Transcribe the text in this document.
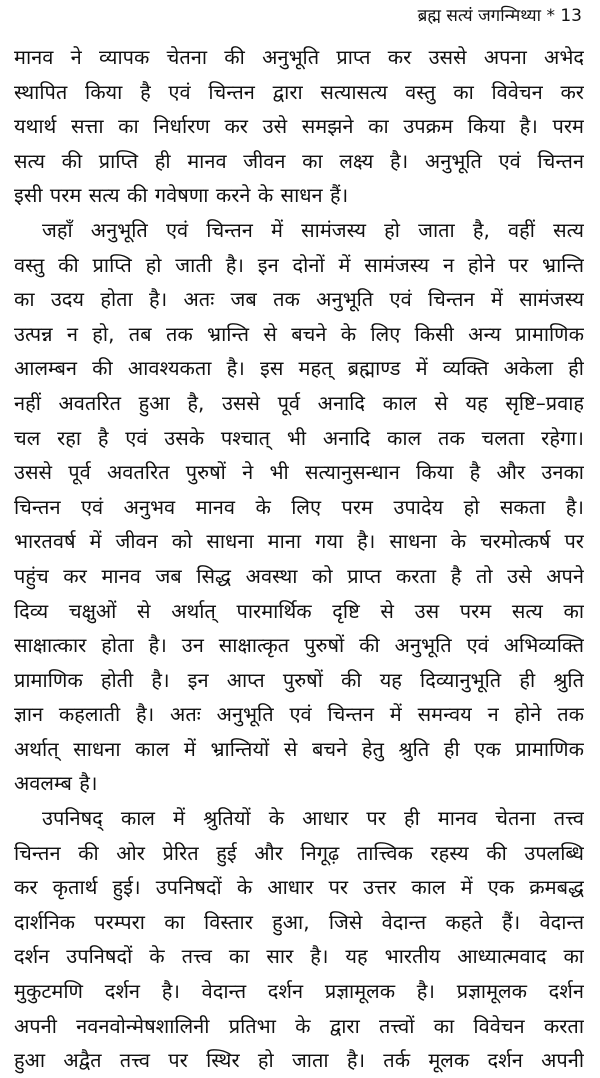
ब्रह्म सत्यं जगन्मिथ्या * 13

मानव ने व्यापक चेतना की अनुभूति प्राप्त कर उससे अपना अभेद
स्थापित किया है एवं चिन्तन द्वारा सत्यासत्य वस्तु का विवेचन कर
यथार्थ सत्ता का निर्धारण कर उसे समझने का उपक्रम किया है। परम
सत्य की प्राप्ति ही मानव जीवन का लक्ष्य है। अनुभूति एवं चिन्तन
इसी परम सत्य की गवेषणा करने के साधन हैं।

जहाँ अनुभूति एवं चिन्तन में सामंजस्य हो जाता है, वहीं सत्य
वस्तु की प्राप्ति हो जाती है। इन दोनों में सामंजस्य न होने पर भ्रान्ति
का उदय होता है। अतः जब तक अनुभूति एवं चिन्तन में सामंजस्य
उत्पन्न न हो, तब तक भ्रान्ति से बचने के लिए किसी अन्य प्रामाणिक
आलम्बन की आवश्यकता है। इस महत् ब्रह्माण्ड में व्यक्ति अकेला ही
नहीं अवतरित हुआ है, उससे पूर्व अनादि काल से यह सृष्टि–प्रवाह
चल रहा है एवं उसके पश्चात् भी अनादि काल तक चलता रहेगा।
उससे पूर्व अवतरित पुरुषों ने भी सत्यानुसन्धान किया है और उनका
चिन्तन एवं अनुभव मानव के लिए परम उपादेय हो सकता है।
भारतवर्ष में जीवन को साधना माना गया है। साधना के चरमोत्कर्ष पर
पहुंच कर मानव जब सिद्ध अवस्था को प्राप्त करता है तो उसे अपने
दिव्य चक्षुओं से अर्थात् पारमार्थिक दृष्टि से उस परम सत्य का
साक्षात्कार होता है। उन साक्षात्कृत पुरुषों की अनुभूति एवं अभिव्यक्ति
प्रामाणिक होती है। इन आप्त पुरुषों की यह दिव्यानुभूति ही श्रुति
ज्ञान कहलाती है। अतः अनुभूति एवं चिन्तन में समन्वय न होने तक
अर्थात् साधना काल में भ्रान्तियों से बचने हेतु श्रुति ही एक प्रामाणिक
अवलम्ब है।

उपनिषद् काल में श्रुतियों के आधार पर ही मानव चेतना तत्त्व
चिन्तन की ओर प्रेरित हुई और निगूढ़ तात्त्विक रहस्य की उपलब्धि
कर कृतार्थ हुई। उपनिषदों के आधार पर उत्तर काल में एक क्रमबद्ध
दार्शनिक परम्परा का विस्तार हुआ, जिसे वेदान्त कहते हैं। वेदान्त
दर्शन उपनिषदों के तत्त्व का सार है। यह भारतीय आध्यात्मवाद का
मुकुटमणि दर्शन है। वेदान्त दर्शन प्रज्ञामूलक है। प्रज्ञामूलक दर्शन
अपनी नवनवोन्मेषशालिनी प्रतिभा के द्वारा तत्त्वों का विवेचन करता
हुआ अद्वैत तत्त्व पर स्थिर हो जाता है। तर्क मूलक दर्शन अपनी
